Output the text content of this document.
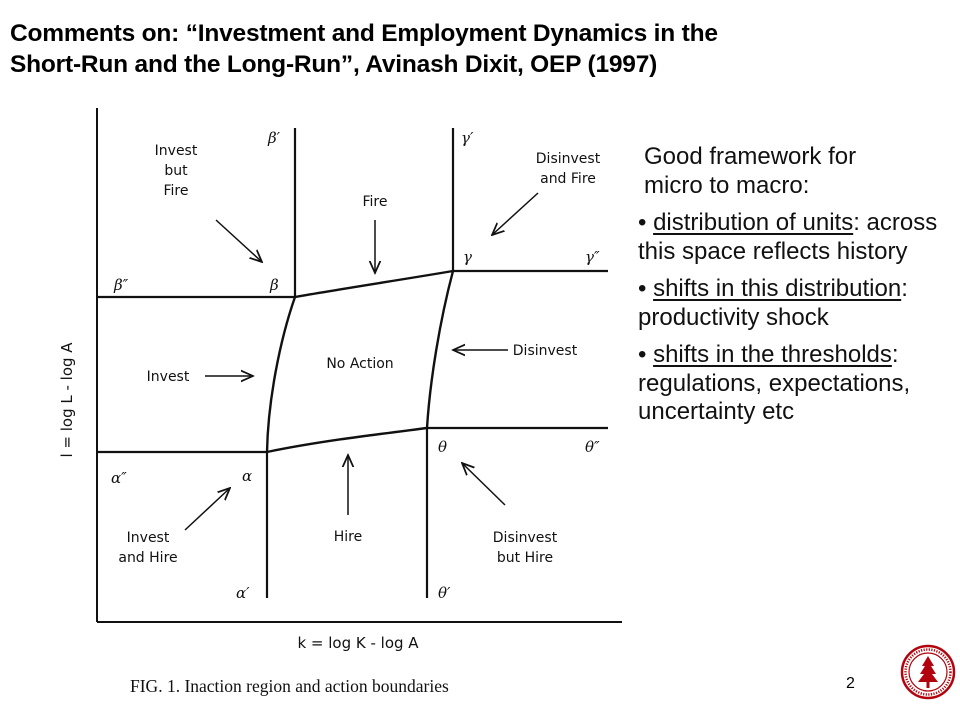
Comments on: “Investment and Employment Dynamics in the
Short-Run and the Long-Run”, Avinash Dixit, OEP (1997)
Invest
but
Fire
Fire
Disinvest
and Fire
Invest
No Action
Disinvest
Invest
and Hire
Hire	Disinvest
but Hire
β′	γ′
β″	β
γ	γ″
α″	α
θ	θ″
α′	θ′
l = log L - log A
k = log K - log A
FIG. 1. Inaction region and action boundaries
Good framework for
micro to macro:
• distribution of units: across this space reflects history
• shifts in this distribution: productivity shock
• shifts in the thresholds: regulations, expectations, uncertainty etc
2
